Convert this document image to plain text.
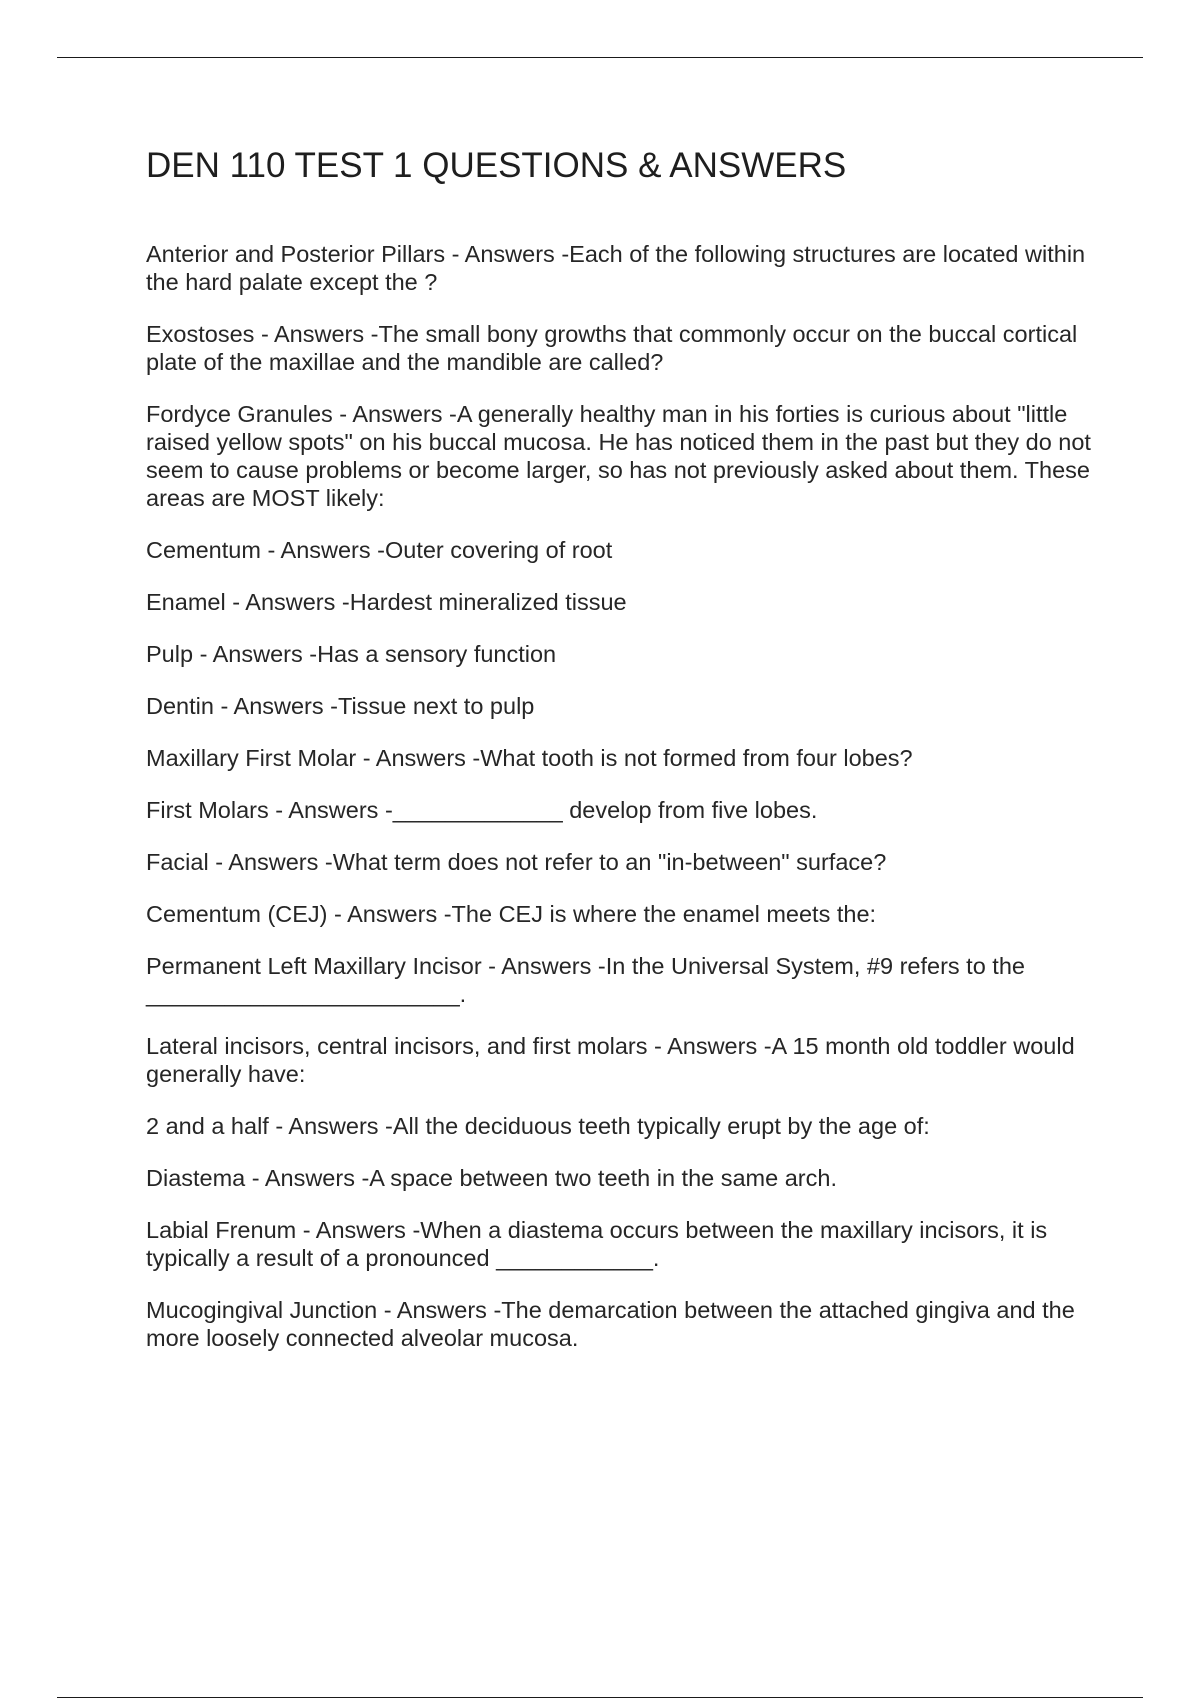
DEN 110 TEST 1 QUESTIONS & ANSWERS

Anterior and Posterior Pillars - Answers -Each of the following structures are located within the hard palate except the ?

Exostoses - Answers -The small bony growths that commonly occur on the buccal cortical plate of the maxillae and the mandible are called?

Fordyce Granules - Answers -A generally healthy man in his forties is curious about "little raised yellow spots" on his buccal mucosa. He has noticed them in the past but they do not seem to cause problems or become larger, so has not previously asked about them. These areas are MOST likely:

Cementum - Answers -Outer covering of root

Enamel - Answers -Hardest mineralized tissue

Pulp - Answers -Has a sensory function

Dentin - Answers -Tissue next to pulp

Maxillary First Molar - Answers -What tooth is not formed from four lobes?

First Molars - Answers -_____________ develop from five lobes.

Facial - Answers -What term does not refer to an "in-between" surface?

Cementum (CEJ) - Answers -The CEJ is where the enamel meets the:

Permanent Left Maxillary Incisor - Answers -In the Universal System, #9 refers to the ________________________.

Lateral incisors, central incisors, and first molars - Answers -A 15 month old toddler would generally have:

2 and a half - Answers -All the deciduous teeth typically erupt by the age of:

Diastema - Answers -A space between two teeth in the same arch.

Labial Frenum - Answers -When a diastema occurs between the maxillary incisors, it is typically a result of a pronounced ____________.

Mucogingival Junction - Answers -The demarcation between the attached gingiva and the more loosely connected alveolar mucosa.
